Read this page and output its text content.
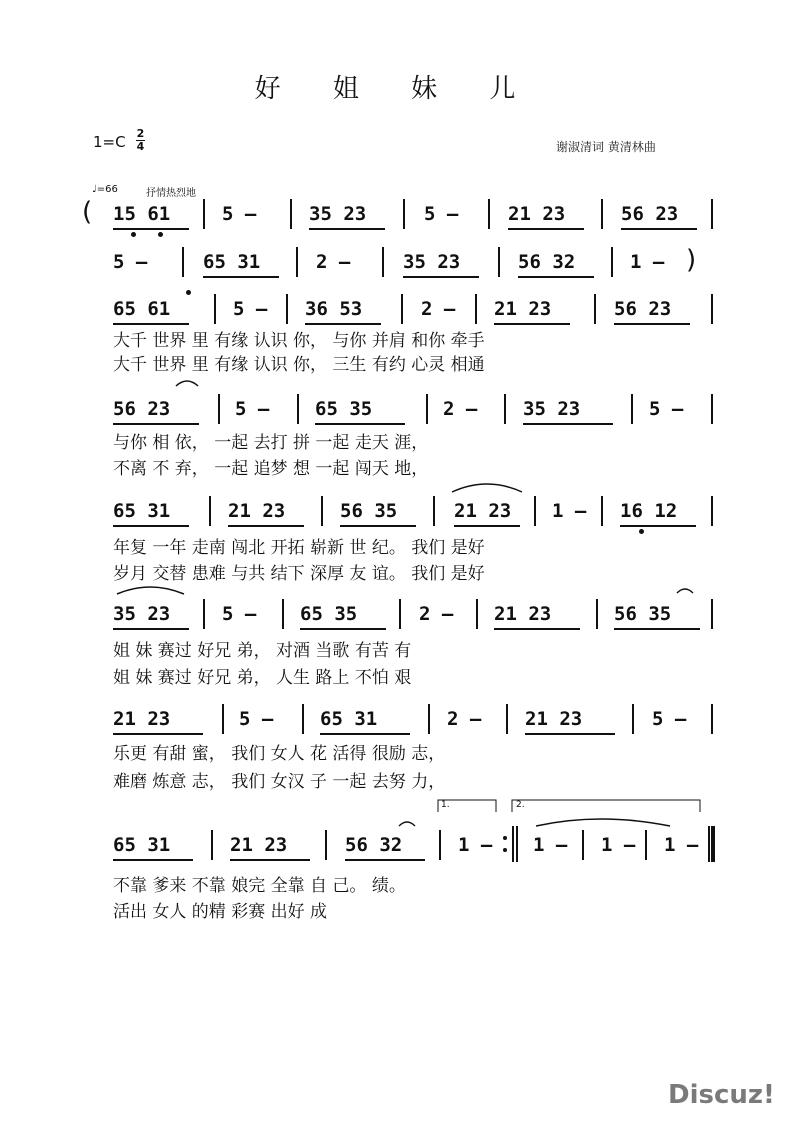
好 姐 妹 儿
1=C 2
4	谢淑清词 黄清林曲
♩=66	抒情热烈地
( 15 61	5 –	35 23	5 –	21 23	56 23
5 –	65 31	2 –	35 23	56 32	1 – )
65 61	5 – 36 53	2 – 21 23	56 23
大千 世界 里 有缘 认识 你， 与你 并肩 和你 牵手
大千 世界 里 有缘 认识 你， 三生 有约 心灵 相通
56 23	5 – 65 35	2 – 35 23	5 –
与你 相 依， 一起 去打 拼 一起 走天 涯，
不离 不 弃， 一起 追梦 想 一起 闯天 地，
65 31	21 23	56 35	21 23 1 – 16 12
年复 一年 走南 闯北 开拓 崭新 世 纪。 我们 是好
岁月 交替 患难 与共 结下 深厚 友 谊。 我们 是好
35 23	5 – 65 35	2 – 21 23	56 35
姐 妹 赛过 好兄 弟， 对酒 当歌 有苦 有
姐 妹 赛过 好兄 弟， 人生 路上 不怕 艰
21 23	5 – 65 31	2 – 21 23	5 –
乐更 有甜 蜜， 我们 女人 花 活得 很励 志，
难磨 炼意 志， 我们 女汉 子 一起 去努 力，
1.	2.
65 31	21 23	56 32	1 – 1 – 1 – 1 –
不靠 爹来 不靠 娘完 全靠 自 己。 绩。
活出 女人 的精 彩赛 出好 成
Discuz!
